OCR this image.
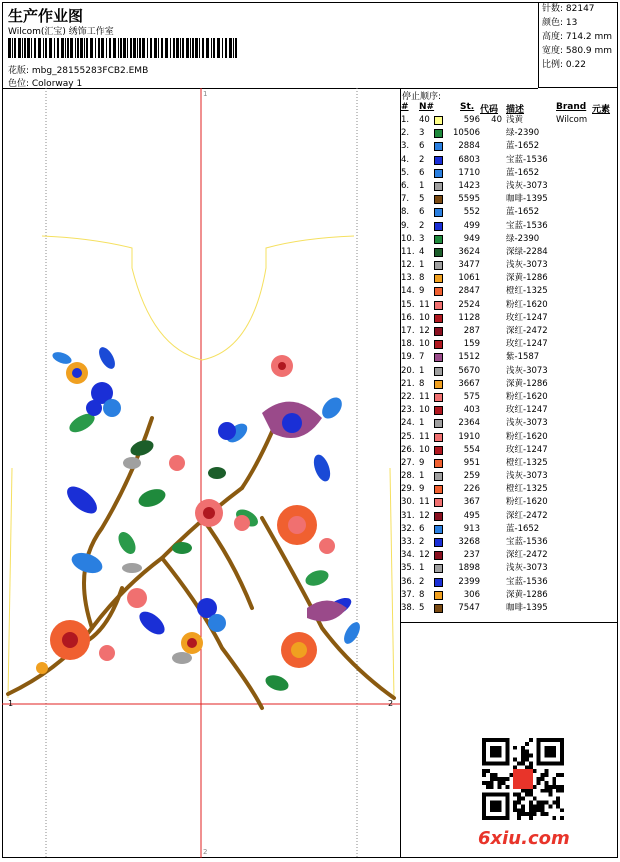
生产作业图
Wilcom(汇宝) 绣饰工作室
花版: mbg_28155283FCB2.EMB
色位: Colorway 1
针数: 82147
颜色: 13
高度: 714.2 mm
宽度: 580.9 mm
比例: 0.22
1	2
1
2
停止顺序:
# N#	St. 代码 描述	Brand 元素
1. 40	596	40 浅黄	Wilcom
2. 3	10506	绿-2390
3. 6	2884	蓝-1652
4. 2	6803	宝蓝-1536
5. 6	1710	蓝-1652
6. 1	1423	浅灰-3073
7. 5	5595	咖啡-1395
8. 6	552	蓝-1652
9. 2	499	宝蓝-1536
10. 3	949	绿-2390
11. 4	3624	深绿-2284
12. 1	3477	浅灰-3073
13. 8	1061	深黄-1286
14. 9	2847	橙红-1325
15. 11	2524	粉红-1620
16. 10	1128	玫红-1247
17. 12	287	深红-2472
18. 10	159	玫红-1247
19. 7	1512	紫-1587
20. 1	5670	浅灰-3073
21. 8	3667	深黄-1286
22. 11	575	粉红-1620
23. 10	403	玫红-1247
24. 1	2364	浅灰-3073
25. 11	1910	粉红-1620
26. 10	554	玫红-1247
27. 9	951	橙红-1325
28. 1	259	浅灰-3073
29. 9	226	橙红-1325
30. 11	367	粉红-1620
31. 12	495	深红-2472
32. 6	913	蓝-1652
33. 2	3268	宝蓝-1536
34. 12	237	深红-2472
35. 1	1898	浅灰-3073
36. 2	2399	宝蓝-1536
37. 8	306	深黄-1286
38. 5	7547	咖啡-1395
6xiu.com
